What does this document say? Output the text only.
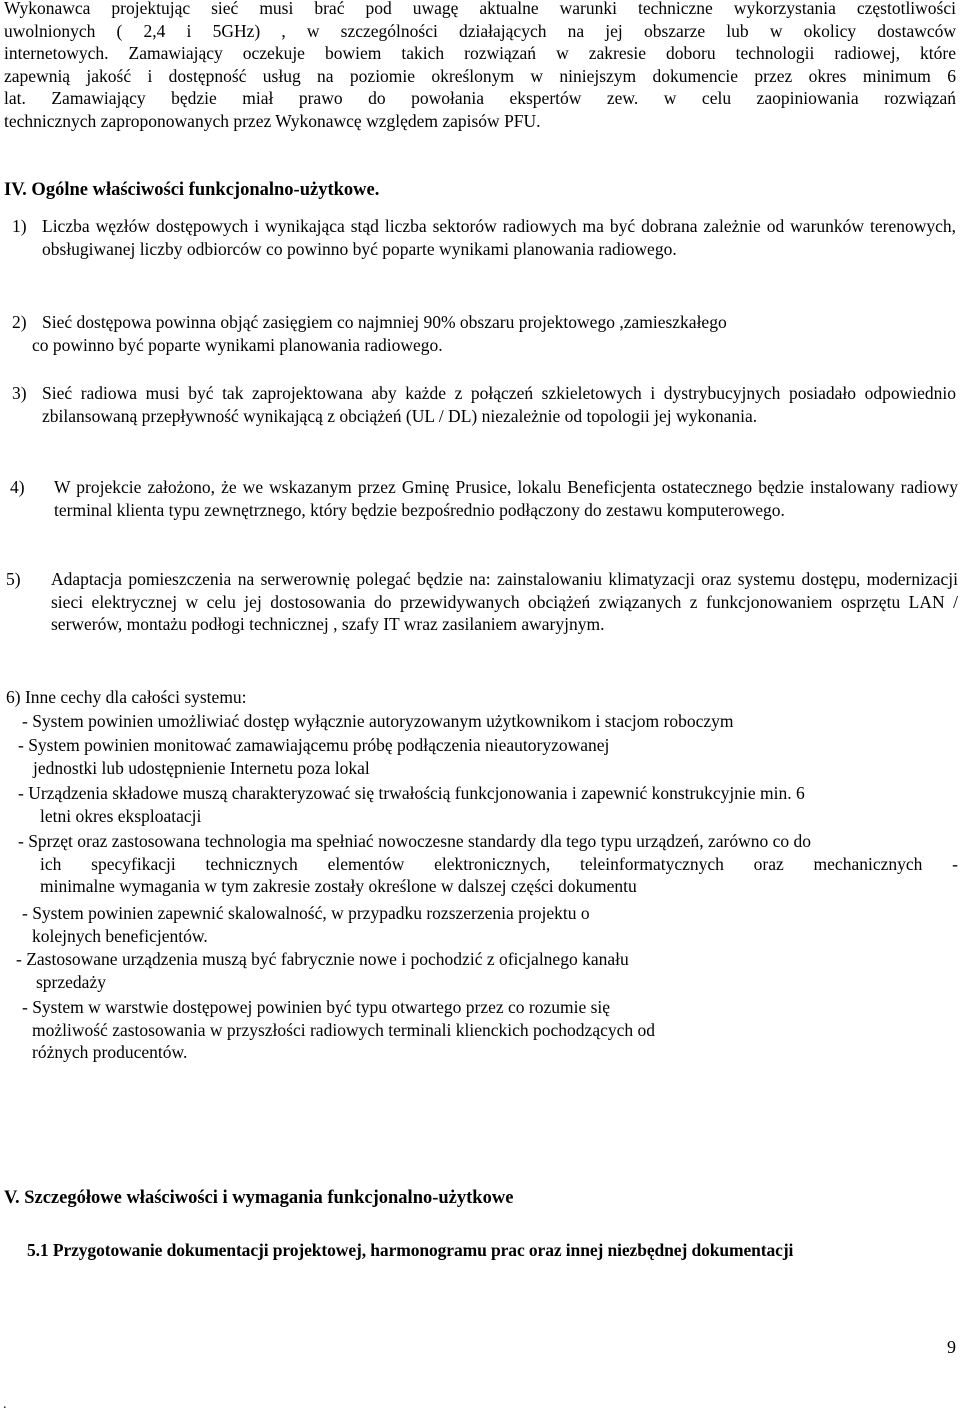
Wykonawca projektując sieć musi brać pod uwagę aktualne warunki techniczne wykorzystania częstotliwości
uwolnionych ( 2,4 i 5GHz) , w szczególności działających na jej obszarze lub w okolicy dostawców
internetowych. Zamawiający oczekuje bowiem takich rozwiązań w zakresie doboru technologii radiowej, które
zapewnią jakość i dostępność usług na poziomie określonym w niniejszym dokumencie przez okres minimum 6
lat. Zamawiający będzie miał prawo do powołania ekspertów zew. w celu zaopiniowania rozwiązań
technicznych zaproponowanych przez Wykonawcę względem zapisów PFU.
IV. Ogólne właściwości funkcjonalno-użytkowe.
1) Liczba węzłów dostępowych i wynikająca stąd liczba sektorów radiowych ma być dobrana zależnie od warunków terenowych, obsługiwanej liczby odbiorców co powinno być poparte wynikami planowania radiowego.
2) Sieć dostępowa powinna objąć zasięgiem co najmniej 90% obszaru projektowego ,zamieszkałego
co powinno być poparte wynikami planowania radiowego.
3) Sieć radiowa musi być tak zaprojektowana aby każde z połączeń szkieletowych i dystrybucyjnych posiadało odpowiednio zbilansowaną przepływność wynikającą z obciążeń (UL / DL) niezależnie od topologii jej wykonania.
4) W projekcie założono, że we wskazanym przez Gminę Prusice, lokalu Beneficjenta ostatecznego będzie instalowany radiowy terminal klienta typu zewnętrznego, który będzie bezpośrednio podłączony do zestawu komputerowego.
5) Adaptacja pomieszczenia na serwerownię polegać będzie na: zainstalowaniu klimatyzacji oraz systemu dostępu, modernizacji sieci elektrycznej w celu jej dostosowania do przewidywanych obciążeń związanych z funkcjonowaniem osprzętu LAN / serwerów, montażu podłogi technicznej , szafy IT wraz zasilaniem awaryjnym.
6) Inne cechy dla całości systemu:
- System powinien umożliwiać dostęp wyłącznie autoryzowanym użytkownikom i stacjom roboczym
- System powinien monitować zamawiającemu próbę podłączenia nieautoryzowanej
jednostki lub udostępnienie Internetu poza lokal
- Urządzenia składowe muszą charakteryzować się trwałością funkcjonowania i zapewnić konstrukcyjnie min. 6
letni okres eksploatacji
- Sprzęt oraz zastosowana technologia ma spełniać nowoczesne standardy dla tego typu urządzeń, zarówno co do
ich specyfikacji technicznych elementów elektronicznych, teleinformatycznych oraz mechanicznych -
minimalne wymagania w tym zakresie zostały określone w dalszej części dokumentu
- System powinien zapewnić skalowalność, w przypadku rozszerzenia projektu o
kolejnych beneficjentów.
- Zastosowane urządzenia muszą być fabrycznie nowe i pochodzić z oficjalnego kanału
sprzedaży
- System w warstwie dostępowej powinien być typu otwartego przez co rozumie się
możliwość zastosowania w przyszłości radiowych terminali klienckich pochodzących od
różnych producentów.
V. Szczegółowe właściwości i wymagania funkcjonalno-użytkowe
5.1 Przygotowanie dokumentacji projektowej, harmonogramu prac oraz innej niezbędnej dokumentacji
9
.
